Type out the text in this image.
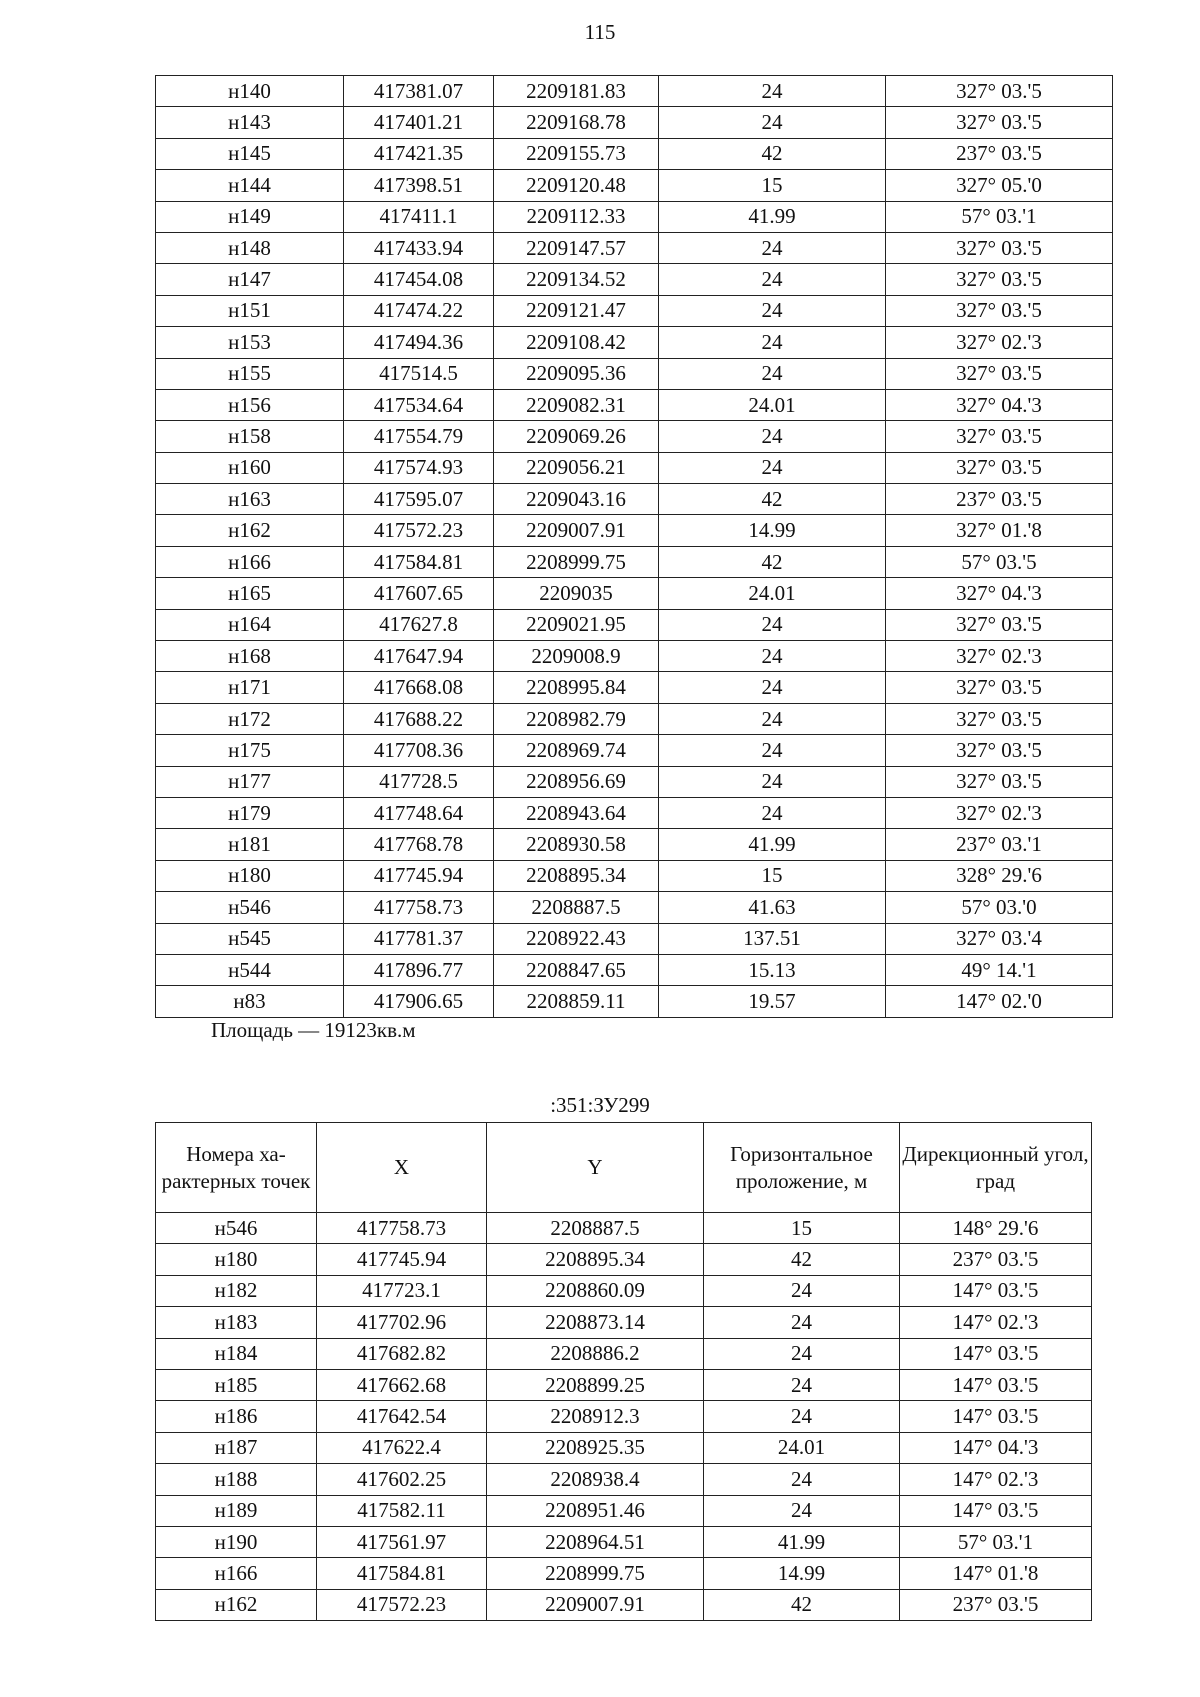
115
н140	417381.07	2209181.83	24	327° 03.'5
н143	417401.21	2209168.78	24	327° 03.'5
н145	417421.35	2209155.73	42	237° 03.'5
н144	417398.51	2209120.48	15	327° 05.'0
н149	417411.1	2209112.33	41.99	57° 03.'1
н148	417433.94	2209147.57	24	327° 03.'5
н147	417454.08	2209134.52	24	327° 03.'5
н151	417474.22	2209121.47	24	327° 03.'5
н153	417494.36	2209108.42	24	327° 02.'3
н155	417514.5	2209095.36	24	327° 03.'5
н156	417534.64	2209082.31	24.01	327° 04.'3
н158	417554.79	2209069.26	24	327° 03.'5
н160	417574.93	2209056.21	24	327° 03.'5
н163	417595.07	2209043.16	42	237° 03.'5
н162	417572.23	2209007.91	14.99	327° 01.'8
н166	417584.81	2208999.75	42	57° 03.'5
н165	417607.65	2209035	24.01	327° 04.'3
н164	417627.8	2209021.95	24	327° 03.'5
н168	417647.94	2209008.9	24	327° 02.'3
н171	417668.08	2208995.84	24	327° 03.'5
н172	417688.22	2208982.79	24	327° 03.'5
н175	417708.36	2208969.74	24	327° 03.'5
н177	417728.5	2208956.69	24	327° 03.'5
н179	417748.64	2208943.64	24	327° 02.'3
н181	417768.78	2208930.58	41.99	237° 03.'1
н180	417745.94	2208895.34	15	328° 29.'6
н546	417758.73	2208887.5	41.63	57° 03.'0
н545	417781.37	2208922.43	137.51	327° 03.'4
н544	417896.77	2208847.65	15.13	49° 14.'1
н83	417906.65	2208859.11	19.57	147° 02.'0
Площадь — 19123кв.м
:351:ЗУ299
Номера ха-рактерных точек	X	Y	Горизонтальное проложение, м	Дирекционный угол, град
н546	417758.73	2208887.5	15	148° 29.'6
н180	417745.94	2208895.34	42	237° 03.'5
н182	417723.1	2208860.09	24	147° 03.'5
н183	417702.96	2208873.14	24	147° 02.'3
н184	417682.82	2208886.2	24	147° 03.'5
н185	417662.68	2208899.25	24	147° 03.'5
н186	417642.54	2208912.3	24	147° 03.'5
н187	417622.4	2208925.35	24.01	147° 04.'3
н188	417602.25	2208938.4	24	147° 02.'3
н189	417582.11	2208951.46	24	147° 03.'5
н190	417561.97	2208964.51	41.99	57° 03.'1
н166	417584.81	2208999.75	14.99	147° 01.'8
н162	417572.23	2209007.91	42	237° 03.'5
